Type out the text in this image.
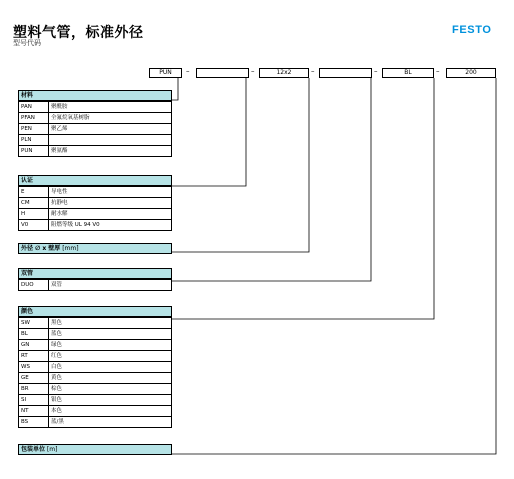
塑料气管，标准外径
型号代码
FESTO
PUN	–	–	12x2	–	–	BL	–	200
材料
PAN	聚酰胺
PFAN	全氟烷氧基树脂
PEN	聚乙烯
PLN	
PUN	聚氨酯
认证
E	导电性
CM	抗静电
H	耐水解
V0	阻燃等级 UL 94 V0
外径 ∅ x 壁厚 [mm]
双管
DUO	双管
颜色
SW	黑色
BL	蓝色
GN	绿色
RT	红色
WS	白色
GE	黄色
BR	棕色
SI	银色
NT	本色
BS	蓝/黑
包装单位 [m]
